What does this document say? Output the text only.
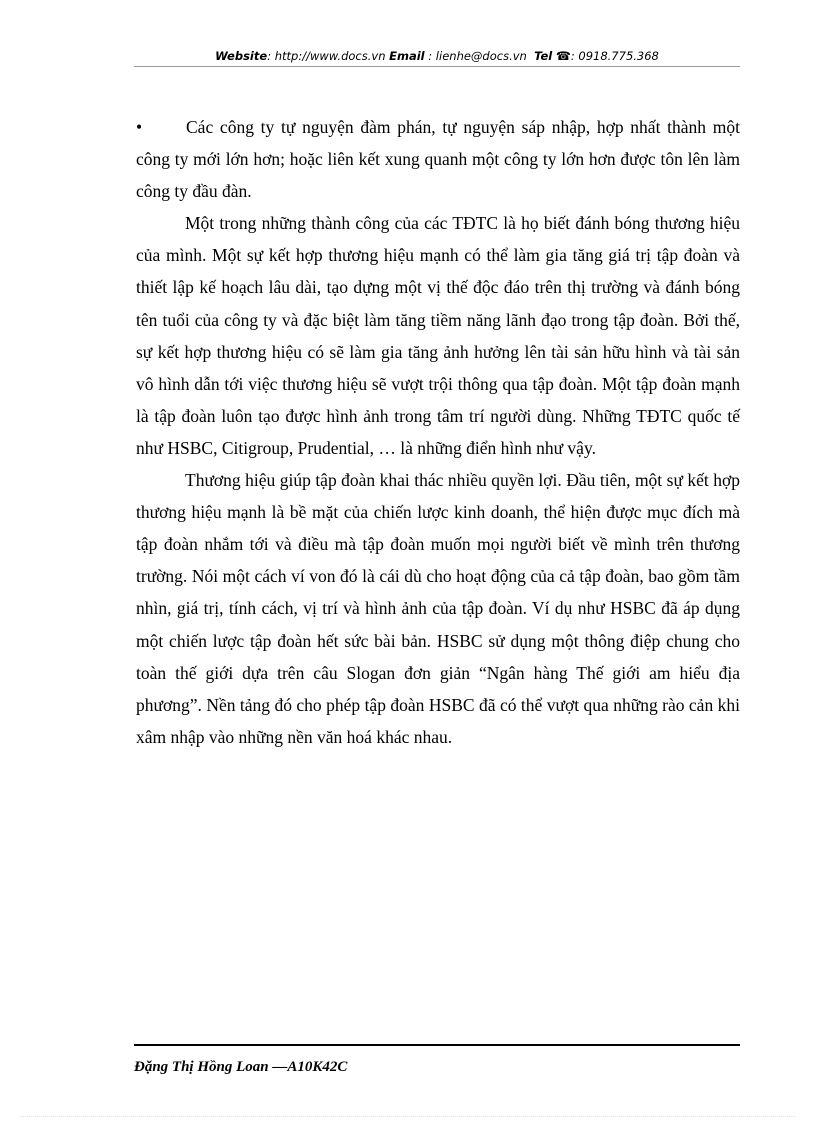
Website: http://www.docs.vn Email : lienhe@docs.vn  Tel ☎: 0918.775.368

•	Các công ty tự nguyện đàm phán, tự nguyện sáp nhập, hợp nhất thành một công ty mới lớn hơn; hoặc liên kết xung quanh một công ty lớn hơn được tôn lên làm công ty đầu đàn.

Một trong những thành công của các TĐTC là họ biết đánh bóng thương hiệu của mình. Một sự kết hợp thương hiệu mạnh có thể làm gia tăng giá trị tập đoàn và thiết lập kế hoạch lâu dài, tạo dựng một vị thế độc đáo trên thị trường và đánh bóng tên tuổi của công ty và đặc biệt làm tăng tiềm năng lãnh đạo trong tập đoàn. Bởi thế, sự kết hợp thương hiệu có sẽ làm gia tăng ảnh hưởng lên tài sản hữu hình và tài sản vô hình dẫn tới việc thương hiệu sẽ vượt trội thông qua tập đoàn. Một tập đoàn mạnh là tập đoàn luôn tạo được hình ảnh trong tâm trí người dùng. Những TĐTC quốc tế như HSBC, Citigroup, Prudential, … là những điển hình như vậy.

Thương hiệu giúp tập đoàn khai thác nhiều quyền lợi. Đầu tiên, một sự kết hợp thương hiệu mạnh là bề mặt của chiến lược kinh doanh, thể hiện được mục đích mà tập đoàn nhắm tới và điều mà tập đoàn muốn mọi người biết về mình trên thương trường. Nói một cách ví von đó là cái dù cho hoạt động của cả tập đoàn, bao gồm tầm nhìn, giá trị, tính cách, vị trí và hình ảnh của tập đoàn. Ví dụ như HSBC đã áp dụng một chiến lược tập đoàn hết sức bài bản. HSBC sử dụng một thông điệp chung cho toàn thế giới dựa trên câu Slogan đơn giản “Ngân hàng Thế giới am hiểu địa phương”. Nền tảng đó cho phép tập đoàn HSBC đã có thể vượt qua những rào cản khi xâm nhập vào những nền văn hoá khác nhau.

Đặng Thị Hồng Loan —A10K42C
